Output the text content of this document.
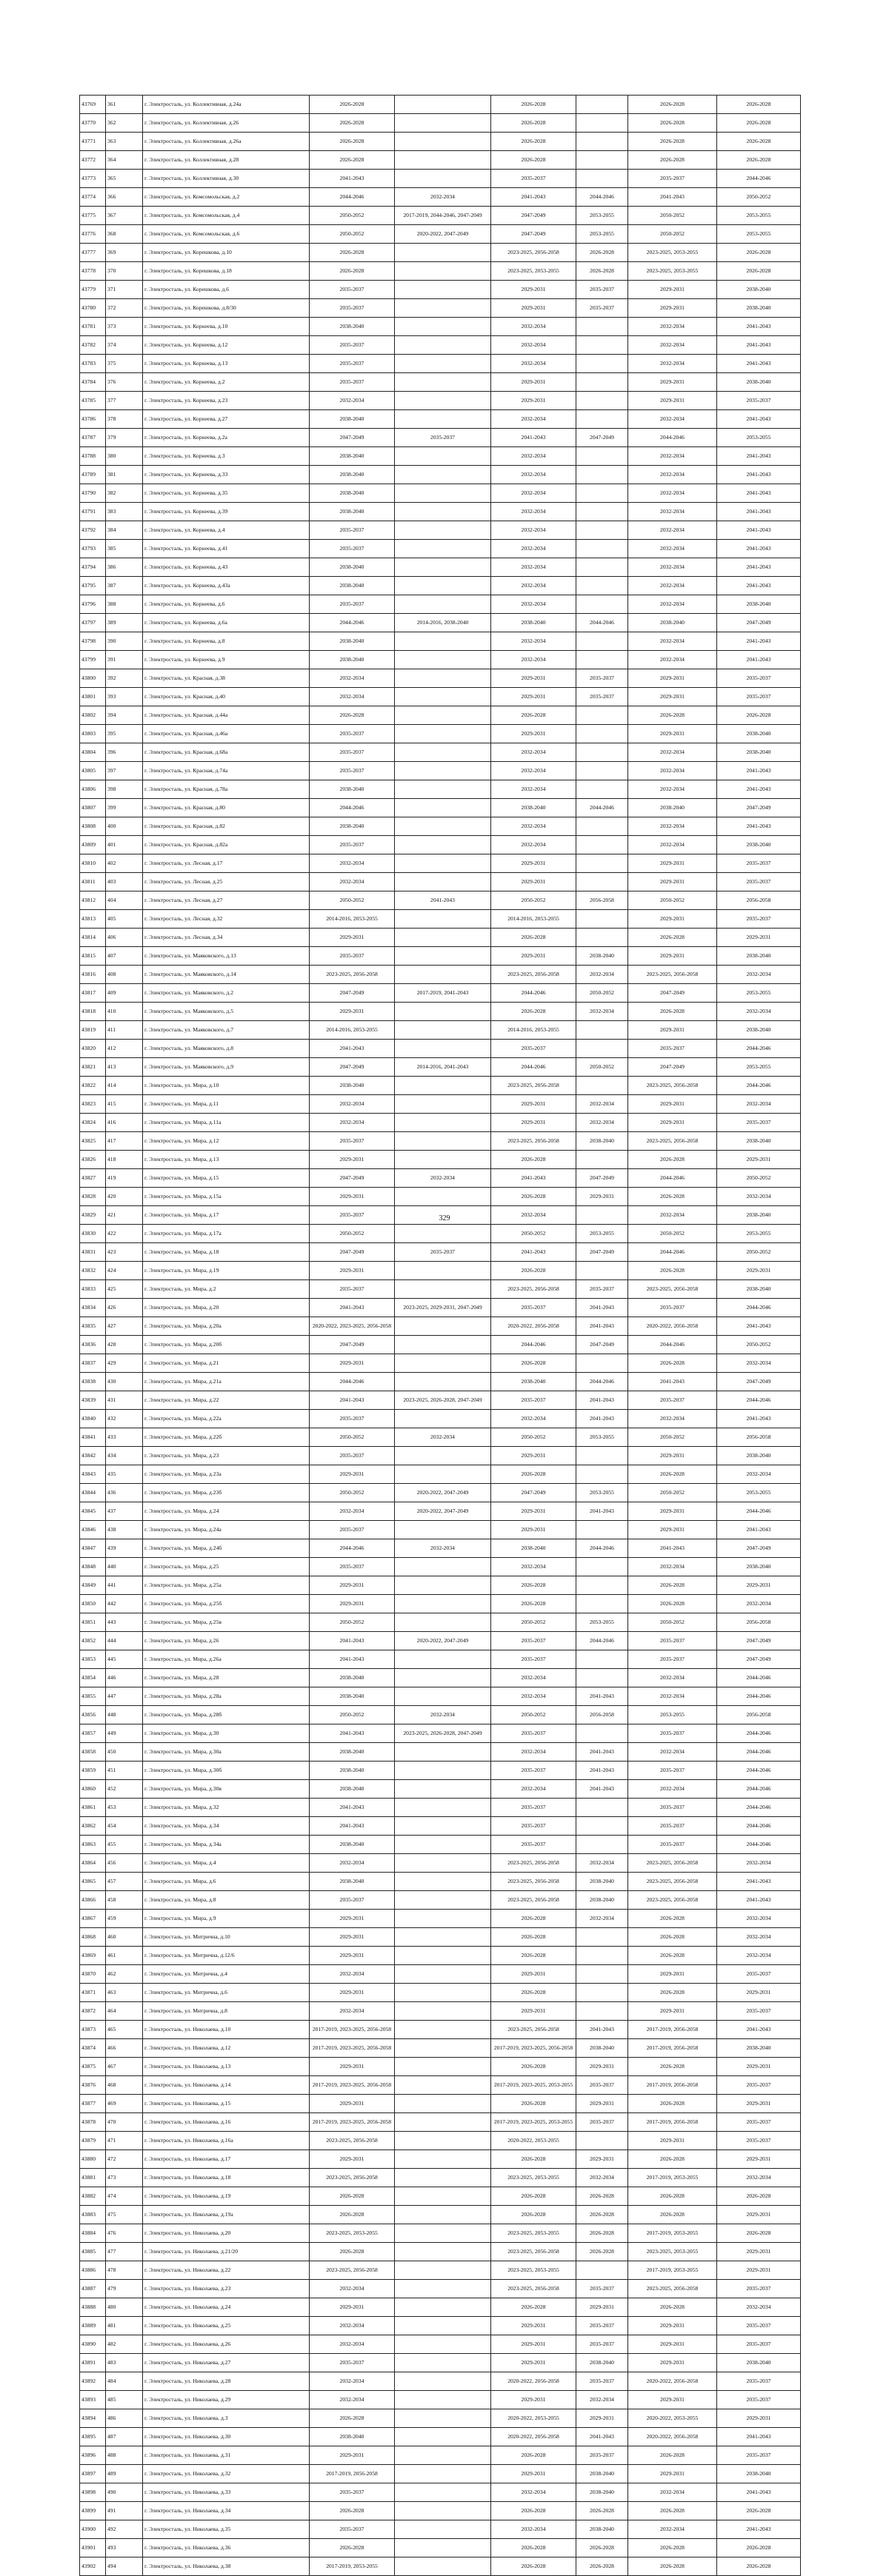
43769	361	г. Электросталь, ул. Коллективная, д.24а	2026-2028		2026-2028		2026-2028	2026-2028
43770	362	г. Электросталь, ул. Коллективная, д.26	2026-2028		2026-2028		2026-2028	2026-2028
43771	363	г. Электросталь, ул. Коллективная, д.26а	2026-2028		2026-2028		2026-2028	2026-2028
43772	364	г. Электросталь, ул. Коллективная, д.28	2026-2028		2026-2028		2026-2028	2026-2028
43773	365	г. Электросталь, ул. Коллективная, д.30	2041-2043		2035-2037		2035-2037	2044-2046
43774	366	г. Электросталь, ул. Комсомольская, д.2	2044-2046	2032-2034	2041-2043	2044-2046	2041-2043	2050-2052
43775	367	г. Электросталь, ул. Комсомольская, д.4	2050-2052	2017-2019, 2044-2046, 2047-2049	2047-2049	2053-2055	2050-2052	2053-2055
43776	368	г. Электросталь, ул. Комсомольская, д.6	2050-2052	2020-2022, 2047-2049	2047-2049	2053-2055	2050-2052	2053-2055
43777	369	г. Электросталь, ул. Корешкова, д.10	2026-2028		2023-2025, 2056-2058	2026-2028	2023-2025, 2053-2055	2026-2028
43778	370	г. Электросталь, ул. Корешкова, д.18	2026-2028		2023-2025, 2053-2055	2026-2028	2023-2025, 2053-2055	2026-2028
43779	371	г. Электросталь, ул. Корешкова, д.6	2035-2037		2029-2031	2035-2037	2029-2031	2038-2040
43780	372	г. Электросталь, ул. Корешкова, д.8/30	2035-2037		2029-2031	2035-2037	2029-2031	2038-2040
43781	373	г. Электросталь, ул. Корнеева, д.10	2038-2040		2032-2034		2032-2034	2041-2043
43782	374	г. Электросталь, ул. Корнеева, д.12	2035-2037		2032-2034		2032-2034	2041-2043
43783	375	г. Электросталь, ул. Корнеева, д.13	2035-2037		2032-2034		2032-2034	2041-2043
43784	376	г. Электросталь, ул. Корнеева, д.2	2035-2037		2029-2031		2029-2031	2038-2040
43785	377	г. Электросталь, ул. Корнеева, д.23	2032-2034		2029-2031		2029-2031	2035-2037
43786	378	г. Электросталь, ул. Корнеева, д.27	2038-2040		2032-2034		2032-2034	2041-2043
43787	379	г. Электросталь, ул. Корнеева, д.2а	2047-2049	2035-2037	2041-2043	2047-2049	2044-2046	2053-2055
43788	380	г. Электросталь, ул. Корнеева, д.3	2038-2040		2032-2034		2032-2034	2041-2043
43789	381	г. Электросталь, ул. Корнеева, д.33	2038-2040		2032-2034		2032-2034	2041-2043
43790	382	г. Электросталь, ул. Корнеева, д.35	2038-2040		2032-2034		2032-2034	2041-2043
43791	383	г. Электросталь, ул. Корнеева, д.39	2038-2040		2032-2034		2032-2034	2041-2043
43792	384	г. Электросталь, ул. Корнеева, д.4	2035-2037		2032-2034		2032-2034	2041-2043
43793	385	г. Электросталь, ул. Корнеева, д.41	2035-2037		2032-2034		2032-2034	2041-2043
43794	386	г. Электросталь, ул. Корнеева, д.43	2038-2040		2032-2034		2032-2034	2041-2043
43795	387	г. Электросталь, ул. Корнеева, д.43а	2038-2040		2032-2034		2032-2034	2041-2043
43796	388	г. Электросталь, ул. Корнеева, д.6	2035-2037		2032-2034		2032-2034	2038-2040
43797	389	г. Электросталь, ул. Корнеева, д.6а	2044-2046	2014-2016, 2038-2040	2038-2040	2044-2046	2038-2040	2047-2049
43798	390	г. Электросталь, ул. Корнеева, д.8	2038-2040		2032-2034		2032-2034	2041-2043
43799	391	г. Электросталь, ул. Корнеева, д.9	2038-2040		2032-2034		2032-2034	2041-2043
43800	392	г. Электросталь, ул. Красная, д.38	2032-2034		2029-2031	2035-2037	2029-2031	2035-2037
43801	393	г. Электросталь, ул. Красная, д.40	2032-2034		2029-2031	2035-2037	2029-2031	2035-2037
43802	394	г. Электросталь, ул. Красная, д.44а	2026-2028		2026-2028		2026-2028	2026-2028
43803	395	г. Электросталь, ул. Красная, д.46а	2035-2037		2029-2031		2029-2031	2038-2040
43804	396	г. Электросталь, ул. Красная, д.68а	2035-2037		2032-2034		2032-2034	2038-2040
43805	397	г. Электросталь, ул. Красная, д.74а	2035-2037		2032-2034		2032-2034	2041-2043
43806	398	г. Электросталь, ул. Красная, д.78а	2038-2040		2032-2034		2032-2034	2041-2043
43807	399	г. Электросталь, ул. Красная, д.80	2044-2046		2038-2040	2044-2046	2038-2040	2047-2049
43808	400	г. Электросталь, ул. Красная, д.82	2038-2040		2032-2034		2032-2034	2041-2043
43809	401	г. Электросталь, ул. Красная, д.82а	2035-2037		2032-2034		2032-2034	2038-2040
43810	402	г. Электросталь, ул. Лесная, д.17	2032-2034		2029-2031		2029-2031	2035-2037
43811	403	г. Электросталь, ул. Лесная, д.25	2032-2034		2029-2031		2029-2031	2035-2037
43812	404	г. Электросталь, ул. Лесная, д.27	2050-2052	2041-2043	2050-2052	2056-2058	2050-2052	2056-2058
43813	405	г. Электросталь, ул. Лесная, д.32	2014-2016, 2053-2055		2014-2016, 2053-2055		2029-2031	2035-2037
43814	406	г. Электросталь, ул. Лесная, д.34	2029-2031		2026-2028		2026-2028	2029-2031
43815	407	г. Электросталь, ул. Маяковского, д.13	2035-2037		2029-2031	2038-2040	2029-2031	2038-2040
43816	408	г. Электросталь, ул. Маяковского, д.14	2023-2025, 2056-2058		2023-2025, 2056-2058	2032-2034	2023-2025, 2056-2058	2032-2034
43817	409	г. Электросталь, ул. Маяковского, д.2	2047-2049	2017-2019, 2041-2043	2044-2046	2050-2052	2047-2049	2053-2055
43818	410	г. Электросталь, ул. Маяковского, д.5	2029-2031		2026-2028	2032-2034	2026-2028	2032-2034
43819	411	г. Электросталь, ул. Маяковского, д.7	2014-2016, 2053-2055		2014-2016, 2053-2055		2029-2031	2038-2040
43820	412	г. Электросталь, ул. Маяковского, д.8	2041-2043		2035-2037		2035-2037	2044-2046
43821	413	г. Электросталь, ул. Маяковского, д.9	2047-2049	2014-2016, 2041-2043	2044-2046	2050-2052	2047-2049	2053-2055
43822	414	г. Электросталь, ул. Мира, д.10	2038-2040		2023-2025, 2056-2058		2023-2025, 2056-2058	2044-2046
43823	415	г. Электросталь, ул. Мира, д.11	2032-2034		2029-2031	2032-2034	2029-2031	2032-2034
43824	416	г. Электросталь, ул. Мира, д.11а	2032-2034		2029-2031	2032-2034	2029-2031	2035-2037
43825	417	г. Электросталь, ул. Мира, д.12	2035-2037		2023-2025, 2056-2058	2038-2040	2023-2025, 2056-2058	2038-2040
43826	418	г. Электросталь, ул. Мира, д.13	2029-2031		2026-2028		2026-2028	2029-2031
43827	419	г. Электросталь, ул. Мира, д.15	2047-2049	2032-2034	2041-2043	2047-2049	2044-2046	2050-2052
43828	420	г. Электросталь, ул. Мира, д.15а	2029-2031		2026-2028	2029-2031	2026-2028	2032-2034
43829	421	г. Электросталь, ул. Мира, д.17	2035-2037		2032-2034		2032-2034	2038-2040
43830	422	г. Электросталь, ул. Мира, д.17а	2050-2052		2050-2052	2053-2055	2050-2052	2053-2055
43831	423	г. Электросталь, ул. Мира, д.18	2047-2049	2035-2037	2041-2043	2047-2049	2044-2046	2050-2052
43832	424	г. Электросталь, ул. Мира, д.19	2029-2031		2026-2028		2026-2028	2029-2031
43833	425	г. Электросталь, ул. Мира, д.2	2035-2037		2023-2025, 2056-2058	2035-2037	2023-2025, 2056-2058	2038-2040
43834	426	г. Электросталь, ул. Мира, д.20	2041-2043	2023-2025, 2029-2031, 2047-2049	2035-2037	2041-2043	2035-2037	2044-2046
43835	427	г. Электросталь, ул. Мира, д.20а	2020-2022, 2023-2025, 2056-2058		2020-2022, 2056-2058	2041-2043	2020-2022, 2056-2058	2041-2043
43836	428	г. Электросталь, ул. Мира, д.20б	2047-2049		2044-2046	2047-2049	2044-2046	2050-2052
43837	429	г. Электросталь, ул. Мира, д.21	2029-2031		2026-2028		2026-2028	2032-2034
43838	430	г. Электросталь, ул. Мира, д.21а	2044-2046		2038-2040	2044-2046	2041-2043	2047-2049
43839	431	г. Электросталь, ул. Мира, д.22	2041-2043	2023-2025, 2026-2028, 2047-2049	2035-2037	2041-2043	2035-2037	2044-2046
43840	432	г. Электросталь, ул. Мира, д.22а	2035-2037		2032-2034	2041-2043	2032-2034	2041-2043
43841	433	г. Электросталь, ул. Мира, д.22б	2050-2052	2032-2034	2050-2052	2053-2055	2050-2052	2056-2058
43842	434	г. Электросталь, ул. Мира, д.23	2035-2037		2029-2031		2029-2031	2038-2040
43843	435	г. Электросталь, ул. Мира, д.23а	2029-2031		2026-2028		2026-2028	2032-2034
43844	436	г. Электросталь, ул. Мира, д.23б	2050-2052	2020-2022, 2047-2049	2047-2049	2053-2055	2050-2052	2053-2055
43845	437	г. Электросталь, ул. Мира, д.24	2032-2034	2020-2022, 2047-2049	2029-2031	2041-2043	2029-2031	2044-2046
43846	438	г. Электросталь, ул. Мира, д.24а	2035-2037		2029-2031		2029-2031	2041-2043
43847	439	г. Электросталь, ул. Мира, д.24б	2044-2046	2032-2034	2038-2040	2044-2046	2041-2043	2047-2049
43848	440	г. Электросталь, ул. Мира, д.25	2035-2037		2032-2034		2032-2034	2038-2040
43849	441	г. Электросталь, ул. Мира, д.25а	2029-2031		2026-2028		2026-2028	2029-2031
43850	442	г. Электросталь, ул. Мира, д.25б	2029-2031		2026-2028		2026-2028	2032-2034
43851	443	г. Электросталь, ул. Мира, д.25в	2050-2052		2050-2052	2053-2055	2050-2052	2056-2058
43852	444	г. Электросталь, ул. Мира, д.26	2041-2043	2020-2022, 2047-2049	2035-2037	2044-2046	2035-2037	2047-2049
43853	445	г. Электросталь, ул. Мира, д.26а	2041-2043		2035-2037		2035-2037	2047-2049
43854	446	г. Электросталь, ул. Мира, д.28	2038-2040		2032-2034		2032-2034	2044-2046
43855	447	г. Электросталь, ул. Мира, д.28а	2038-2040		2032-2034	2041-2043	2032-2034	2044-2046
43856	448	г. Электросталь, ул. Мира, д.28б	2050-2052	2032-2034	2050-2052	2056-2058	2053-2055	2056-2058
43857	449	г. Электросталь, ул. Мира, д.30	2041-2043	2023-2025, 2026-2028, 2047-2049	2035-2037		2035-2037	2044-2046
43858	450	г. Электросталь, ул. Мира, д.30а	2038-2040		2032-2034	2041-2043	2032-2034	2044-2046
43859	451	г. Электросталь, ул. Мира, д.30б	2038-2040		2035-2037	2041-2043	2035-2037	2044-2046
43860	452	г. Электросталь, ул. Мира, д.30в	2038-2040		2032-2034	2041-2043	2032-2034	2044-2046
43861	453	г. Электросталь, ул. Мира, д.32	2041-2043		2035-2037		2035-2037	2044-2046
43862	454	г. Электросталь, ул. Мира, д.34	2041-2043		2035-2037		2035-2037	2044-2046
43863	455	г. Электросталь, ул. Мира, д.34а	2038-2040		2035-2037		2035-2037	2044-2046
43864	456	г. Электросталь, ул. Мира, д.4	2032-2034		2023-2025, 2056-2058	2032-2034	2023-2025, 2056-2058	2032-2034
43865	457	г. Электросталь, ул. Мира, д.6	2038-2040		2023-2025, 2056-2058	2038-2040	2023-2025, 2056-2058	2041-2043
43866	458	г. Электросталь, ул. Мира, д.8	2035-2037		2023-2025, 2056-2058	2038-2040	2023-2025, 2056-2058	2041-2043
43867	459	г. Электросталь, ул. Мира, д.9	2029-2031		2026-2028	2032-2034	2026-2028	2032-2034
43868	460	г. Электросталь, ул. Митрична, д.10	2029-2031		2026-2028		2026-2028	2032-2034
43869	461	г. Электросталь, ул. Митрична, д.12/6	2029-2031		2026-2028		2026-2028	2032-2034
43870	462	г. Электросталь, ул. Митрична, д.4	2032-2034		2029-2031		2029-2031	2035-2037
43871	463	г. Электросталь, ул. Митрична, д.6	2029-2031		2026-2028		2026-2028	2029-2031
43872	464	г. Электросталь, ул. Митрична, д.8	2032-2034		2029-2031		2029-2031	2035-2037
43873	465	г. Электросталь, ул. Николаева, д.10	2017-2019, 2023-2025, 2056-2058		2023-2025, 2056-2058	2041-2043	2017-2019, 2056-2058	2041-2043
43874	466	г. Электросталь, ул. Николаева, д.12	2017-2019, 2023-2025, 2056-2058		2017-2019, 2023-2025, 2056-2058	2038-2040	2017-2019, 2056-2058	2038-2040
43875	467	г. Электросталь, ул. Николаева, д.13	2029-2031		2026-2028	2029-2031	2026-2028	2029-2031
43876	468	г. Электросталь, ул. Николаева, д.14	2017-2019, 2023-2025, 2056-2058		2017-2019, 2023-2025, 2053-2055	2035-2037	2017-2019, 2056-2058	2035-2037
43877	469	г. Электросталь, ул. Николаева, д.15	2029-2031		2026-2028	2029-2031	2026-2028	2029-2031
43878	470	г. Электросталь, ул. Николаева, д.16	2017-2019, 2023-2025, 2056-2058		2017-2019, 2023-2025, 2053-2055	2035-2037	2017-2019, 2056-2058	2035-2037
43879	471	г. Электросталь, ул. Николаева, д.16а	2023-2025, 2056-2058		2020-2022, 2053-2055		2029-2031	2035-2037
43880	472	г. Электросталь, ул. Николаева, д.17	2029-2031		2026-2028	2029-2031	2026-2028	2029-2031
43881	473	г. Электросталь, ул. Николаева, д.18	2023-2025, 2056-2058		2023-2025, 2053-2055	2032-2034	2017-2019, 2053-2055	2032-2034
43882	474	г. Электросталь, ул. Николаева, д.19	2026-2028		2026-2028	2026-2028	2026-2028	2026-2028
43883	475	г. Электросталь, ул. Николаева, д.19а	2026-2028		2026-2028	2026-2028	2026-2028	2029-2031
43884	476	г. Электросталь, ул. Николаева, д.20	2023-2025, 2053-2055		2023-2025, 2053-2055	2026-2028	2017-2019, 2053-2055	2026-2028
43885	477	г. Электросталь, ул. Николаева, д.21/20	2026-2028		2023-2025, 2056-2058	2026-2028	2023-2025, 2053-2055	2029-2031
43886	478	г. Электросталь, ул. Николаева, д.22	2023-2025, 2056-2058		2023-2025, 2053-2055		2017-2019, 2053-2055	2029-2031
43887	479	г. Электросталь, ул. Николаева, д.23	2032-2034		2023-2025, 2056-2058	2035-2037	2023-2025, 2056-2058	2035-2037
43888	480	г. Электросталь, ул. Николаева, д.24	2029-2031		2026-2028	2029-2031	2026-2028	2032-2034
43889	481	г. Электросталь, ул. Николаева, д.25	2032-2034		2029-2031	2035-2037	2029-2031	2035-2037
43890	482	г. Электросталь, ул. Николаева, д.26	2032-2034		2029-2031	2035-2037	2029-2031	2035-2037
43891	483	г. Электросталь, ул. Николаева, д.27	2035-2037		2029-2031	2038-2040	2029-2031	2038-2040
43892	484	г. Электросталь, ул. Николаева, д.28	2032-2034		2020-2022, 2056-2058	2035-2037	2020-2022, 2056-2058	2035-2037
43893	485	г. Электросталь, ул. Николаева, д.29	2032-2034		2029-2031	2032-2034	2029-2031	2035-2037
43894	486	г. Электросталь, ул. Николаева, д.3	2026-2028		2020-2022, 2053-2055	2029-2031	2020-2022, 2053-2055	2029-2031
43895	487	г. Электросталь, ул. Николаева, д.30	2038-2040		2020-2022, 2056-2058	2041-2043	2020-2022, 2056-2058	2041-2043
43896	488	г. Электросталь, ул. Николаева, д.31	2029-2031		2026-2028	2035-2037	2026-2028	2035-2037
43897	489	г. Электросталь, ул. Николаева, д.32	2017-2019, 2056-2058		2029-2031	2038-2040	2029-2031	2038-2040
43898	490	г. Электросталь, ул. Николаева, д.33	2035-2037		2032-2034	2038-2040	2032-2034	2041-2043
43899	491	г. Электросталь, ул. Николаева, д.34	2026-2028		2026-2028	2026-2028	2026-2028	2026-2028
43900	492	г. Электросталь, ул. Николаева, д.35	2035-2037		2032-2034	2038-2040	2032-2034	2041-2043
43901	493	г. Электросталь, ул. Николаева, д.36	2026-2028		2026-2028	2026-2028	2026-2028	2026-2028
43902	494	г. Электросталь, ул. Николаева, д.38	2017-2019, 2053-2055		2026-2028	2026-2028	2026-2028	2026-2028
329
